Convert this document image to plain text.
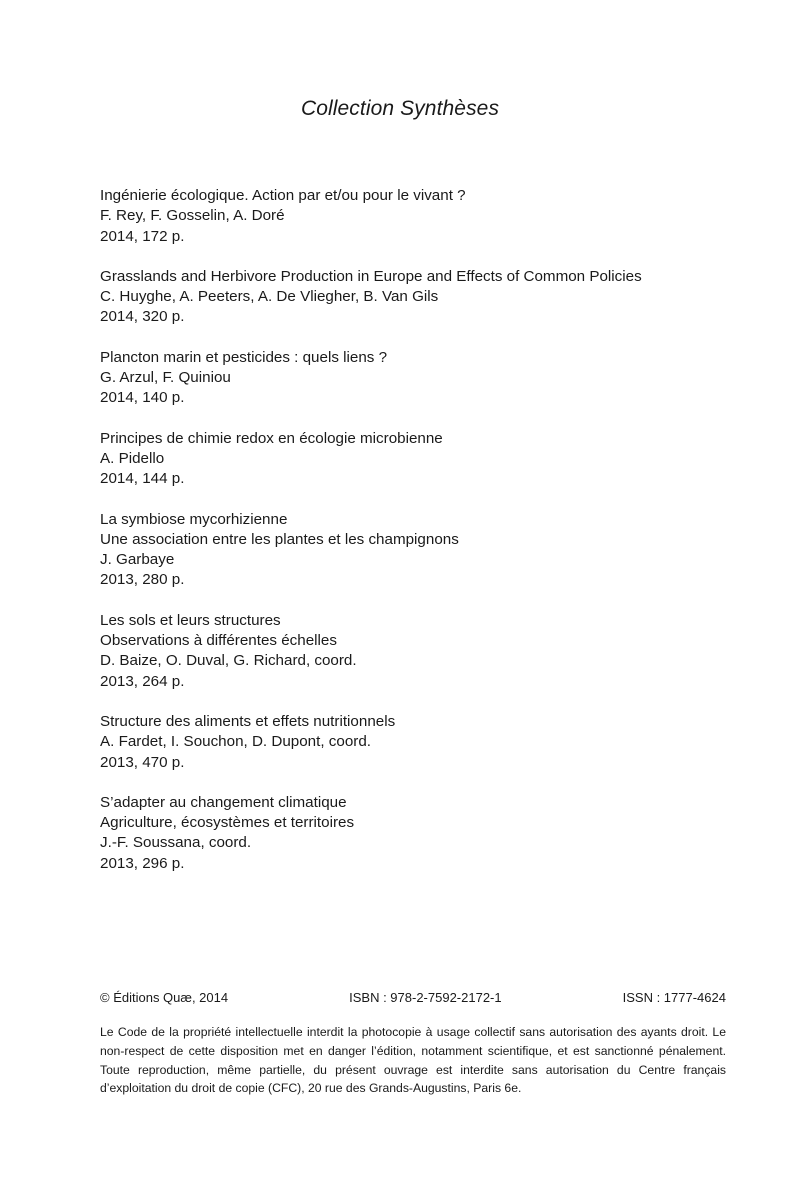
Collection Synthèses
Ingénierie écologique. Action par et/ou pour le vivant ?
F. Rey, F. Gosselin, A. Doré
2014, 172 p.
Grasslands and Herbivore Production in Europe and Effects of Common Policies
C. Huyghe, A. Peeters, A. De Vliegher, B. Van Gils
2014, 320 p.
Plancton marin et pesticides : quels liens ?
G. Arzul, F. Quiniou
2014, 140 p.
Principes de chimie redox en écologie microbienne
A. Pidello
2014, 144 p.
La symbiose mycorhizienne
Une association entre les plantes et les champignons
J. Garbaye
2013, 280 p.
Les sols et leurs structures
Observations à différentes échelles
D. Baize, O. Duval, G. Richard, coord.
2013, 264 p.
Structure des aliments et effets nutritionnels
A. Fardet, I. Souchon, D. Dupont, coord.
2013, 470 p.
S’adapter au changement climatique
Agriculture, écosystèmes et territoires
J.-F. Soussana, coord.
2013, 296 p.
© Éditions Quæ, 2014	ISBN : 978-2-7592-2172-1	ISSN : 1777-4624
Le Code de la propriété intellectuelle interdit la photocopie à usage collectif sans autorisation des ayants droit. Le non-respect de cette disposition met en danger l’édition, notamment scientifique, et est sanctionné pénalement. Toute reproduction, même partielle, du présent ouvrage est interdite sans autorisation du Centre français d’exploitation du droit de copie (CFC), 20 rue des Grands-Augustins, Paris 6e.
